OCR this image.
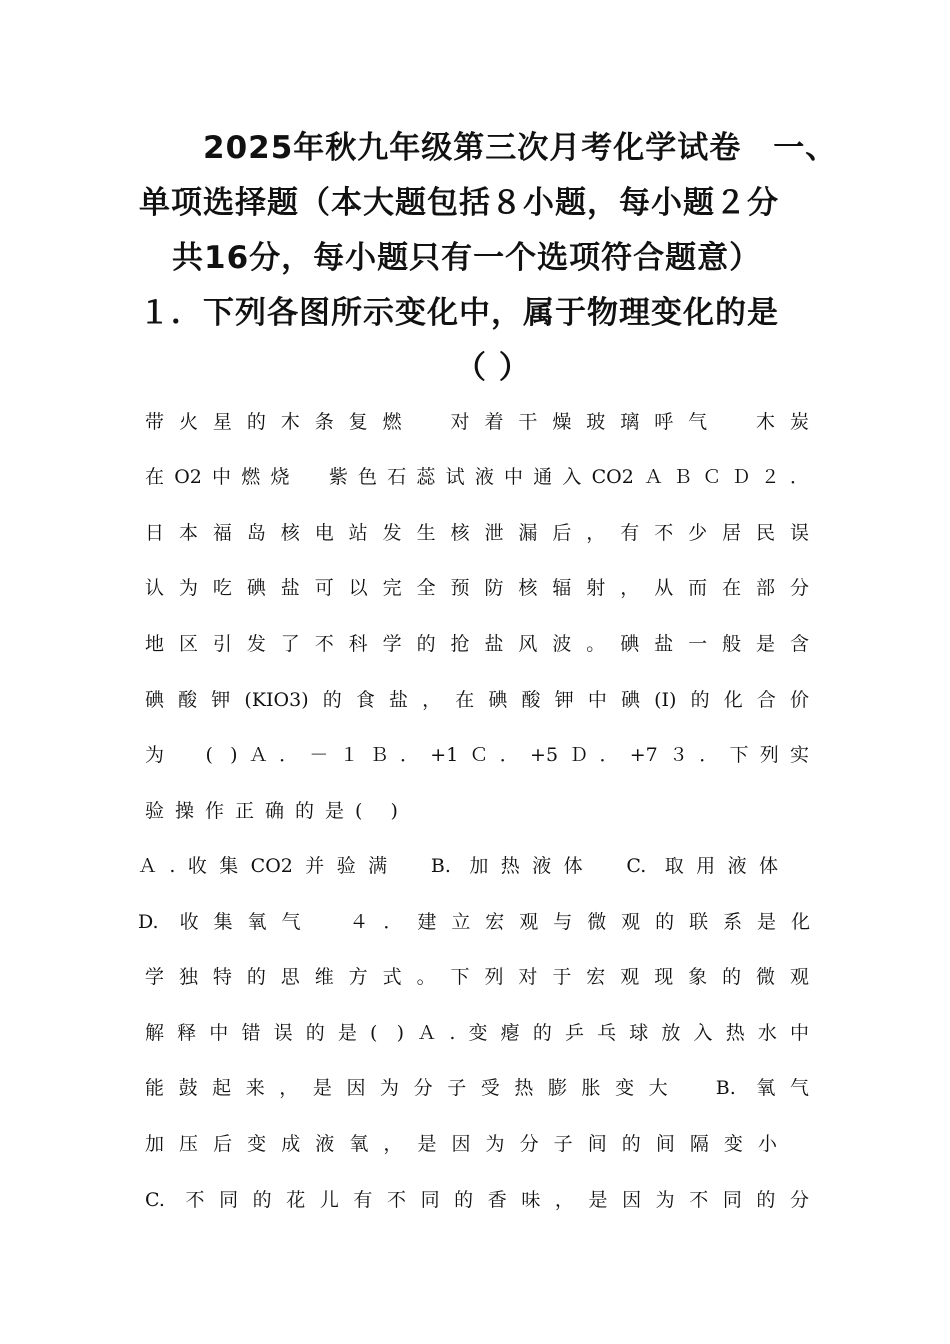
2025年秋九年级第三次月考化学试卷　一、
单项选择题（本大题包括８小题，每小题２分
共16分，每小题只有一个选项符合题意）
１．下列各图所示变化中，属于物理变化的是
（ ）
带火星的木条复燃　对着干燥玻璃呼气　木炭
在O2中燃烧　紫色石蕊试液中通入CO2ＡＢＣＤ２．
日本福岛核电站发生核泄漏后，有不少居民误
认为吃碘盐可以完全预防核辐射，从而在部分
地区引发了不科学的抢盐风波。碘盐一般是含
碘酸钾(KIO3)的食盐，在碘酸钾中碘(I)的化合价
为　( )Ａ．－１Ｂ．+1Ｃ．+5Ｄ．+7３．下列实
验操作正确的是( )
Ａ.收集CO2并验满　B. 加热液体　C. 取用液体
D. 收集氧气　４．建立宏观与微观的联系是化
学独特的思维方式。下列对于宏观现象的微观
解释中错误的是( )Ａ.变瘪的乒乓球放入热水中
能鼓起来，是因为分子受热膨胀变大　B. 氧气
加压后变成液氧，是因为分子间的间隔变小
C. 不同的花儿有不同的香味，是因为不同的分
